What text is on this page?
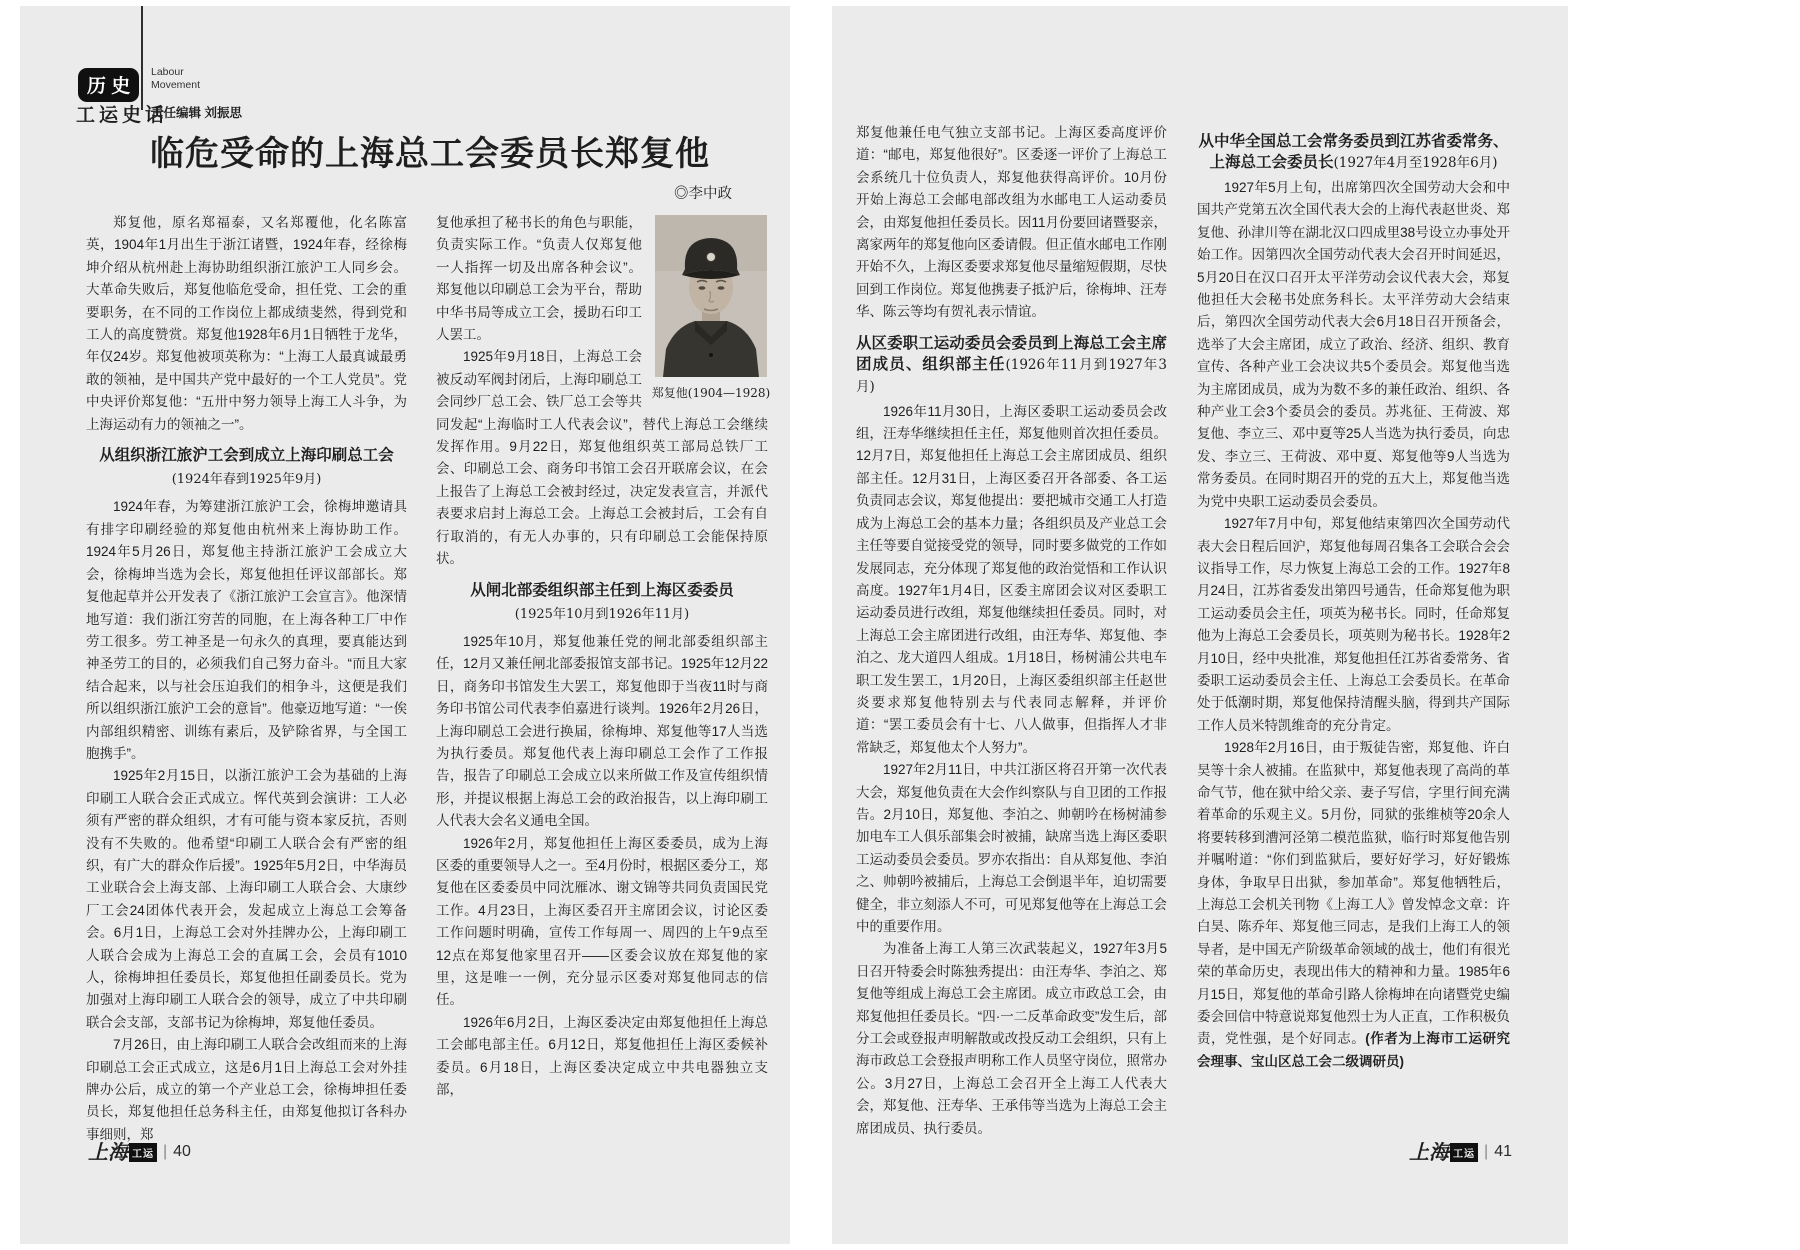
历 史
工运史话
Labour
Movement
责任编辑 刘振思
临危受命的上海总工会委员长郑复他
◎李中政
郑复他，原名郑福泰，又名郑覆他，化名陈富英，1904年1月出生于浙江诸暨，1924年春，经徐梅坤介绍从杭州赴上海协助组织浙江旅沪工人同乡会。大革命失败后，郑复他临危受命，担任党、工会的重要职务，在不同的工作岗位上都成绩斐然，得到党和工人的高度赞赏。郑复他1928年6月1日牺牲于龙华，年仅24岁。郑复他被项英称为：“上海工人最真诚最勇敢的领袖，是中国共产党中最好的一个工人党员”。党中央评价郑复他：“五卅中努力领导上海工人斗争，为上海运动有力的领袖之一”。
从组织浙江旅沪工会到成立上海印刷总工会
(1924年春到1925年9月)
1924年春，为筹建浙江旅沪工会，徐梅坤邀请具有排字印刷经验的郑复他由杭州来上海协助工作。1924年5月26日，郑复他主持浙江旅沪工会成立大会，徐梅坤当选为会长，郑复他担任评议部部长。郑复他起草并公开发表了《浙江旅沪工会宣言》。他深情地写道：我们浙江穷苦的同胞，在上海各种工厂中作劳工很多。劳工神圣是一句永久的真理，要真能达到神圣劳工的目的，必须我们自己努力奋斗。“而且大家结合起来，以与社会压迫我们的相争斗，这便是我们所以组织浙江旅沪工会的意旨”。他豪迈地写道：“一俟内部组织精密、训练有素后，及铲除省界，与全国工胞携手”。
1925年2月15日，以浙江旅沪工会为基础的上海印刷工人联合会正式成立。恽代英到会演讲：工人必须有严密的群众组织，才有可能与资本家反抗，否则没有不失败的。他希望“印刷工人联合会有严密的组织，有广大的群众作后援”。1925年5月2日，中华海员工业联合会上海支部、上海印刷工人联合会、大康纱厂工会24团体代表开会，发起成立上海总工会筹备会。6月1日，上海总工会对外挂牌办公，上海印刷工人联合会成为上海总工会的直属工会，会员有1010人，徐梅坤担任委员长，郑复他担任副委员长。党为加强对上海印刷工人联合会的领导，成立了中共印刷联合会支部，支部书记为徐梅坤，郑复他任委员。
7月26日，由上海印刷工人联合会改组而来的上海印刷总工会正式成立，这是6月1日上海总工会对外挂牌办公后，成立的第一个产业总工会，徐梅坤担任委员长，郑复他担任总务科主任，由郑复他拟订各科办事细则，郑
郑复他(1904—1928)
复他承担了秘书长的角色与职能，负责实际工作。“负责人仅郑复他一人指挥一切及出席各种会议”。郑复他以印刷总工会为平台，帮助中华书局等成立工会，援助石印工人罢工。
1925年9月18日，上海总工会被反动军阀封闭后，上海印刷总工会同纱厂总工会、铁厂总工会等共同发起“上海临时工人代表会议”，替代上海总工会继续发挥作用。9月22日，郑复他组织英工部局总铁厂工会、印刷总工会、商务印书馆工会召开联席会议，在会上报告了上海总工会被封经过，决定发表宣言，并派代表要求启封上海总工会。上海总工会被封后，工会有自行取消的，有无人办事的，只有印刷总工会能保持原状。
从闸北部委组织部主任到上海区委委员
(1925年10月到1926年11月)
1925年10月，郑复他兼任党的闸北部委组织部主任，12月又兼任闸北部委报馆支部书记。1925年12月22日，商务印书馆发生大罢工，郑复他即于当夜11时与商务印书馆公司代表李伯嘉进行谈判。1926年2月26日，上海印刷总工会进行换届，徐梅坤、郑复他等17人当选为执行委员。郑复他代表上海印刷总工会作了工作报告，报告了印刷总工会成立以来所做工作及宣传组织情形，并提议根据上海总工会的政治报告，以上海印刷工人代表大会名义通电全国。
1926年2月，郑复他担任上海区委委员，成为上海区委的重要领导人之一。至4月份时，根据区委分工，郑复他在区委委员中同沈雁冰、谢文锦等共同负责国民党工作。4月23日，上海区委召开主席团会议，讨论区委工作问题时明确，宣传工作每周一、周四的上午9点至12点在郑复他家里召开——区委会议放在郑复他的家里，这是唯一一例，充分显示区委对郑复他同志的信任。
1926年6月2日，上海区委决定由郑复他担任上海总工会邮电部主任。6月12日，郑复他担任上海区委候补委员。6月18日，上海区委决定成立中共电器独立支部，
上海 工运 | 40
郑复他兼任电气独立支部书记。上海区委高度评价道：“邮电，郑复他很好”。区委逐一评价了上海总工会系统几十位负责人，郑复他获得高评价。10月份开始上海总工会邮电部改组为水邮电工人运动委员会，由郑复他担任委员长。因11月份要回诸暨娶亲，离家两年的郑复他向区委请假。但正值水邮电工作刚开始不久，上海区委要求郑复他尽量缩短假期，尽快回到工作岗位。郑复他携妻子抵沪后，徐梅坤、汪寿华、陈云等均有贺礼表示情谊。
从区委职工运动委员会委员到上海总工会主席团成员、组织部主任(1926年11月到1927年3月)
1926年11月30日，上海区委职工运动委员会改组，汪寿华继续担任主任，郑复他则首次担任委员。12月7日，郑复他担任上海总工会主席团成员、组织部主任。12月31日，上海区委召开各部委、各工运负责同志会议，郑复他提出：要把城市交通工人打造成为上海总工会的基本力量；各组织员及产业总工会主任等要自觉接受党的领导，同时要多做党的工作如发展同志，充分体现了郑复他的政治觉悟和工作认识高度。1927年1月4日，区委主席团会议对区委职工运动委员进行改组，郑复他继续担任委员。同时，对上海总工会主席团进行改组，由汪寿华、郑复他、李泊之、龙大道四人组成。1月18日，杨树浦公共电车职工发生罢工，1月20日，上海区委组织部主任赵世炎要求郑复他特别去与代表同志解释，并评价道：“罢工委员会有十七、八人做事，但指挥人才非常缺乏，郑复他太个人努力”。
1927年2月11日，中共江浙区将召开第一次代表大会，郑复他负责在大会作纠察队与自卫团的工作报告。2月10日，郑复他、李泊之、帅朝吟在杨树浦参加电车工人俱乐部集会时被捕，缺席当选上海区委职工运动委员会委员。罗亦农指出：自从郑复他、李泊之、帅朝吟被捕后，上海总工会倒退半年，迫切需要健全，非立刻添人不可，可见郑复他等在上海总工会中的重要作用。
为准备上海工人第三次武装起义，1927年3月5日召开特委会时陈独秀提出：由汪寿华、李泊之、郑复他等组成上海总工会主席团。成立市政总工会，由郑复他担任委员长。“四·一二反革命政变”发生后，部分工会或登报声明解散或改投反动工会组织，只有上海市政总工会登报声明称工作人员坚守岗位，照常办公。3月27日，上海总工会召开全上海工人代表大会，郑复他、汪寿华、王承伟等当选为上海总工会主席团成员、执行委员。
从中华全国总工会常务委员到江苏省委常务、上海总工会委员长(1927年4月至1928年6月)
1927年5月上旬，出席第四次全国劳动大会和中国共产党第五次全国代表大会的上海代表赵世炎、郑复他、孙津川等在湖北汉口四成里38号设立办事处开始工作。因第四次全国劳动代表大会召开时间延迟，5月20日在汉口召开太平洋劳动会议代表大会，郑复他担任大会秘书处庶务科长。太平洋劳动大会结束后，第四次全国劳动代表大会6月18日召开预备会，选举了大会主席团，成立了政治、经济、组织、教育宣传、各种产业工会决议共5个委员会。郑复他当选为主席团成员，成为为数不多的兼任政治、组织、各种产业工会3个委员会的委员。苏兆征、王荷波、郑复他、李立三、邓中夏等25人当选为执行委员，向忠发、李立三、王荷波、邓中夏、郑复他等9人当选为常务委员。在同时期召开的党的五大上，郑复他当选为党中央职工运动委员会委员。
1927年7月中旬，郑复他结束第四次全国劳动代表大会日程后回沪，郑复他每周召集各工会联合会会议指导工作，尽力恢复上海总工会的工作。1927年8月24日，江苏省委发出第四号通告，任命郑复他为职工运动委员会主任，项英为秘书长。同时，任命郑复他为上海总工会委员长，项英则为秘书长。1928年2月10日，经中央批准，郑复他担任江苏省委常务、省委职工运动委员会主任、上海总工会委员长。在革命处于低潮时期，郑复他保持清醒头脑，得到共产国际工作人员米特凯维奇的充分肯定。
1928年2月16日，由于叛徒告密，郑复他、许白昊等十余人被捕。在监狱中，郑复他表现了高尚的革命气节，他在狱中给父亲、妻子写信，字里行间充满着革命的乐观主义。5月份，同狱的张维桢等20余人将要转移到漕河泾第二模范监狱，临行时郑复他告别并嘱咐道：“你们到监狱后，要好好学习，好好锻炼身体，争取早日出狱，参加革命”。郑复他牺牲后，上海总工会机关刊物《上海工人》曾发悼念文章：许白昊、陈乔年、郑复他三同志，是我们上海工人的领导者，是中国无产阶级革命领域的战士，他们有很光荣的革命历史，表现出伟大的精神和力量。1985年6月15日，郑复他的革命引路人徐梅坤在向诸暨党史编委会回信中特意说郑复他烈士为人正直，工作积极负责，党性强，是个好同志。(作者为上海市工运研究会理事、宝山区总工会二级调研员)
上海 工运 | 41
